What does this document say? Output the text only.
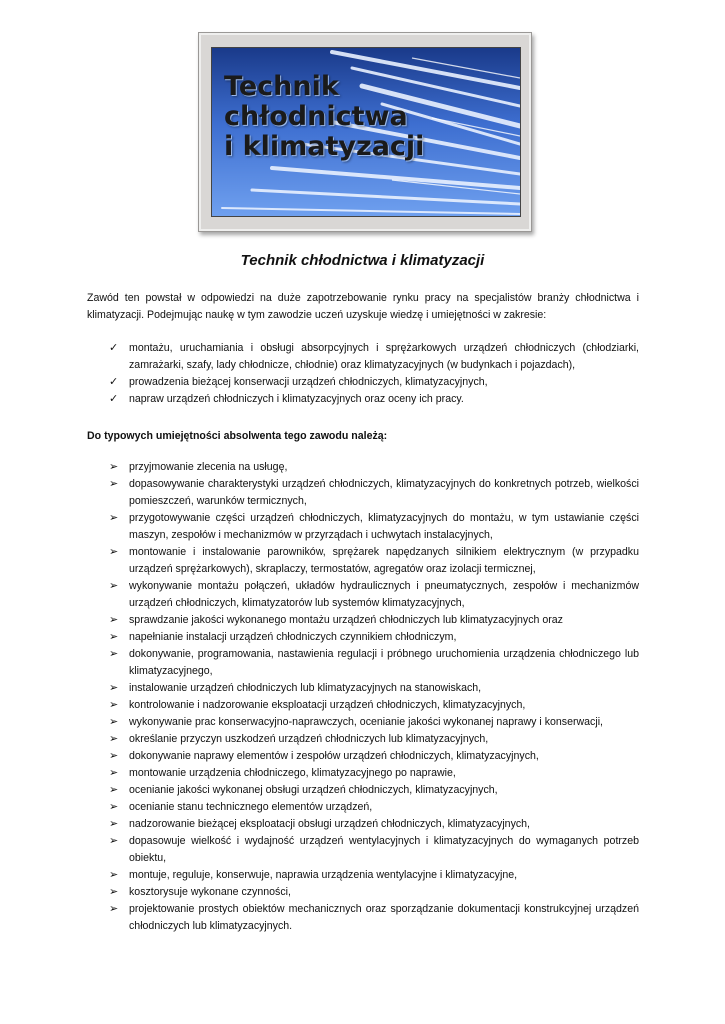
Technik
chłodnictwa
i klimatyzacji
Technik chłodnictwa i klimatyzacji

Zawód ten powstał w odpowiedzi na duże zapotrzebowanie rynku pracy na specjalistów branży chłodnictwa i klimatyzacji. Podejmując naukę w tym zawodzie uczeń uzyskuje wiedzę i umiejętności w zakresie:

✓	montażu, uruchamiania i obsługi absorpcyjnych i sprężarkowych urządzeń chłodniczych (chłodziarki, zamrażarki, szafy, lady chłodnicze, chłodnie) oraz klimatyzacyjnych (w budynkach i pojazdach),
✓	prowadzenia bieżącej konserwacji urządzeń chłodniczych, klimatyzacyjnych,
✓	napraw urządzeń chłodniczych i klimatyzacyjnych oraz oceny ich pracy.

Do typowych umiejętności absolwenta tego zawodu należą:

➢	przyjmowanie zlecenia na usługę,
➢	dopasowywanie charakterystyki urządzeń chłodniczych, klimatyzacyjnych do konkretnych potrzeb, wielkości pomieszczeń, warunków termicznych,
➢	przygotowywanie części urządzeń chłodniczych, klimatyzacyjnych do montażu, w tym ustawianie części maszyn, zespołów i mechanizmów w przyrządach i uchwytach instalacyjnych,
➢	montowanie i instalowanie parowników, sprężarek napędzanych silnikiem elektrycznym (w przypadku urządzeń sprężarkowych), skraplaczy, termostatów, agregatów oraz izolacji termicznej,
➢	wykonywanie montażu połączeń, układów hydraulicznych i pneumatycznych, zespołów i mechanizmów urządzeń chłodniczych, klimatyzatorów lub systemów klimatyzacyjnych,
➢	sprawdzanie jakości wykonanego montażu urządzeń chłodniczych lub klimatyzacyjnych oraz
➢	napełnianie instalacji urządzeń chłodniczych czynnikiem chłodniczym,
➢	dokonywanie, programowania, nastawienia regulacji i próbnego uruchomienia urządzenia chłodniczego lub klimatyzacyjnego,
➢	instalowanie urządzeń chłodniczych lub klimatyzacyjnych na stanowiskach,
➢	kontrolowanie i nadzorowanie eksploatacji urządzeń chłodniczych, klimatyzacyjnych,
➢	wykonywanie prac konserwacyjno-naprawczych, ocenianie jakości wykonanej naprawy i konserwacji,
➢	określanie przyczyn uszkodzeń urządzeń chłodniczych lub klimatyzacyjnych,
➢	dokonywanie naprawy elementów i zespołów urządzeń chłodniczych, klimatyzacyjnych,
➢	montowanie urządzenia chłodniczego, klimatyzacyjnego po naprawie,
➢	ocenianie jakości wykonanej obsługi urządzeń chłodniczych, klimatyzacyjnych,
➢	ocenianie stanu technicznego elementów urządzeń,
➢	nadzorowanie bieżącej eksploatacji obsługi urządzeń chłodniczych, klimatyzacyjnych,
➢	dopasowuje wielkość i wydajność urządzeń wentylacyjnych i klimatyzacyjnych do wymaganych potrzeb obiektu,
➢	montuje, reguluje, konserwuje, naprawia urządzenia wentylacyjne i klimatyzacyjne,
➢	kosztorysuje wykonane czynności,
➢	projektowanie prostych obiektów mechanicznych oraz sporządzanie dokumentacji konstrukcyjnej urządzeń chłodniczych lub klimatyzacyjnych.
